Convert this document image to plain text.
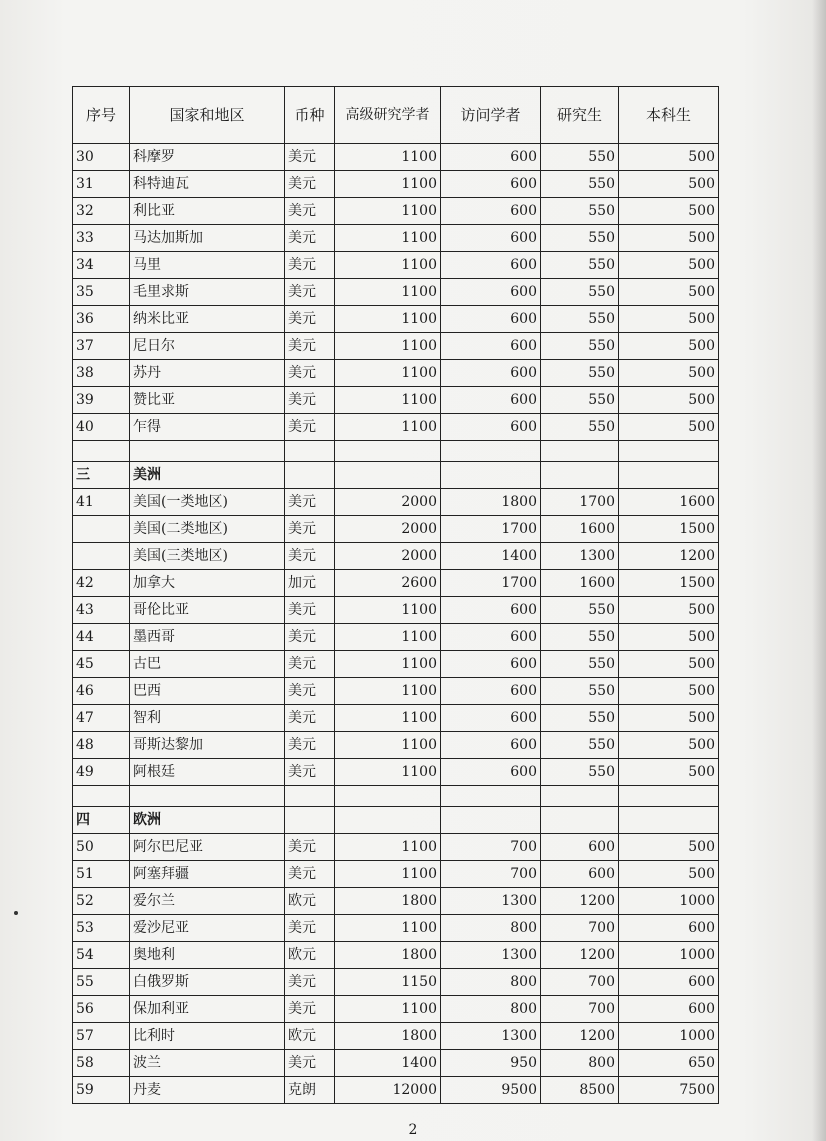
序号	国家和地区	币种	高级研究学者	访问学者	研究生	本科生
30	科摩罗	美元	1100	600	550	500
31	科特迪瓦	美元	1100	600	550	500
32	利比亚	美元	1100	600	550	500
33	马达加斯加	美元	1100	600	550	500
34	马里	美元	1100	600	550	500
35	毛里求斯	美元	1100	600	550	500
36	纳米比亚	美元	1100	600	550	500
37	尼日尔	美元	1100	600	550	500
38	苏丹	美元	1100	600	550	500
39	赞比亚	美元	1100	600	550	500
40	乍得	美元	1100	600	550	500

三	美洲					
41	美国(一类地区)	美元	2000	1800	1700	1600
	美国(二类地区)	美元	2000	1700	1600	1500
	美国(三类地区)	美元	2000	1400	1300	1200
42	加拿大	加元	2600	1700	1600	1500
43	哥伦比亚	美元	1100	600	550	500
44	墨西哥	美元	1100	600	550	500
45	古巴	美元	1100	600	550	500
46	巴西	美元	1100	600	550	500
47	智利	美元	1100	600	550	500
48	哥斯达黎加	美元	1100	600	550	500
49	阿根廷	美元	1100	600	550	500

四	欧洲					
50	阿尔巴尼亚	美元	1100	700	600	500
51	阿塞拜疆	美元	1100	700	600	500
52	爱尔兰	欧元	1800	1300	1200	1000
53	爱沙尼亚	美元	1100	800	700	600
54	奥地利	欧元	1800	1300	1200	1000
55	白俄罗斯	美元	1150	800	700	600
56	保加利亚	美元	1100	800	700	600
57	比利时	欧元	1800	1300	1200	1000
58	波兰	美元	1400	950	800	650
59	丹麦	克朗	12000	9500	8500	7500
2
